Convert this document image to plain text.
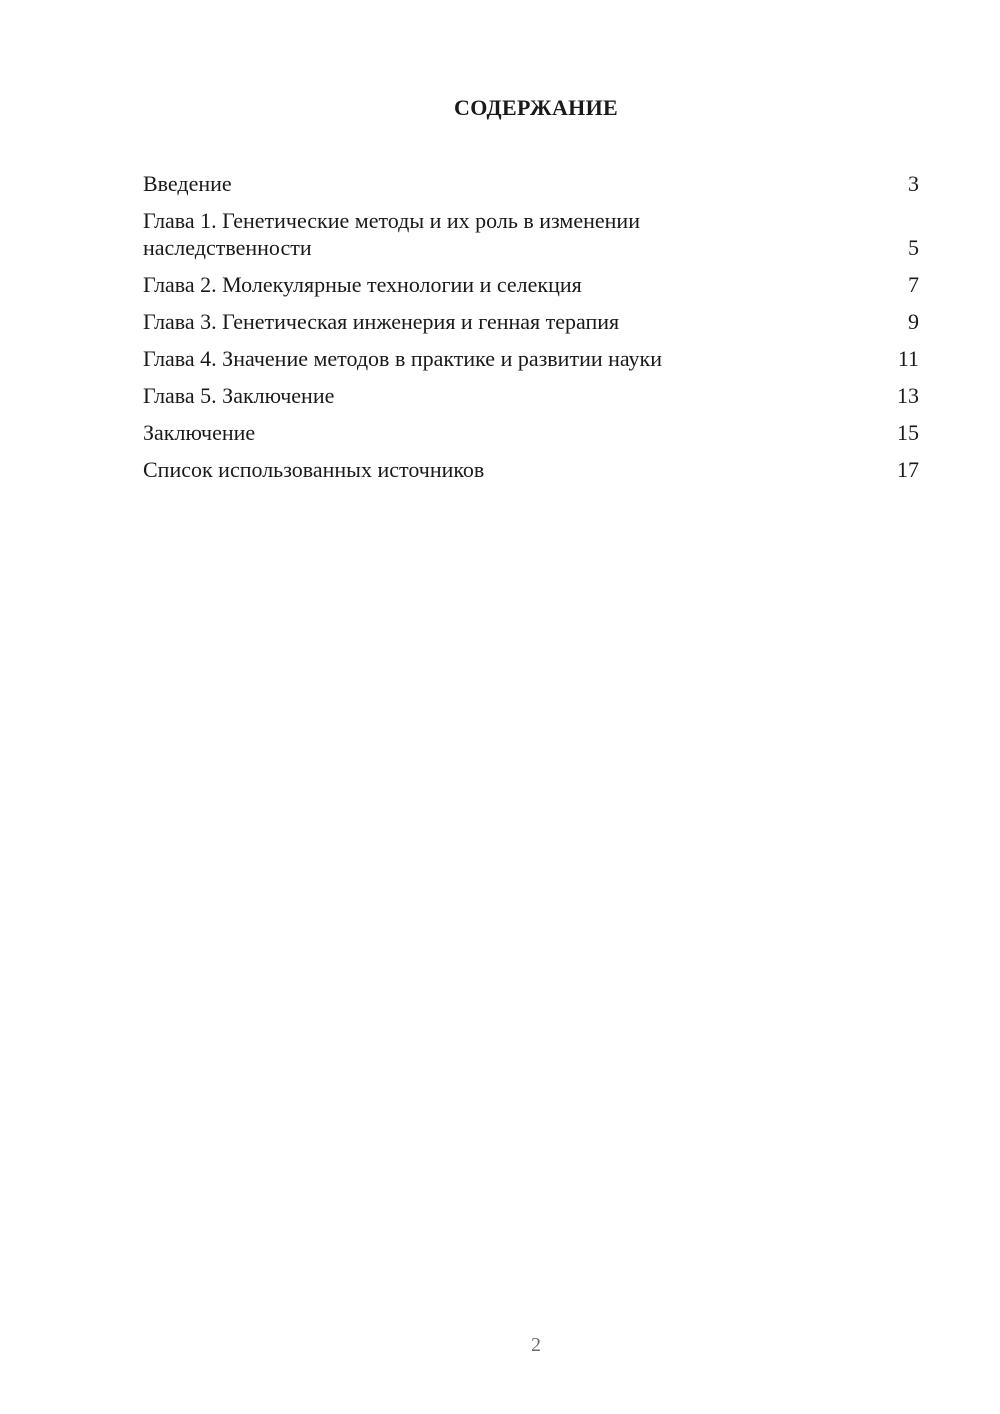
СОДЕРЖАНИЕ
Введение	3
Глава 1. Генетические методы и их роль в изменении наследственности	5
Глава 2. Молекулярные технологии и селекция	7
Глава 3. Генетическая инженерия и генная терапия	9
Глава 4. Значение методов в практике и развитии науки	11
Глава 5. Заключение	13
Заключение	15
Список использованных источников	17
2
